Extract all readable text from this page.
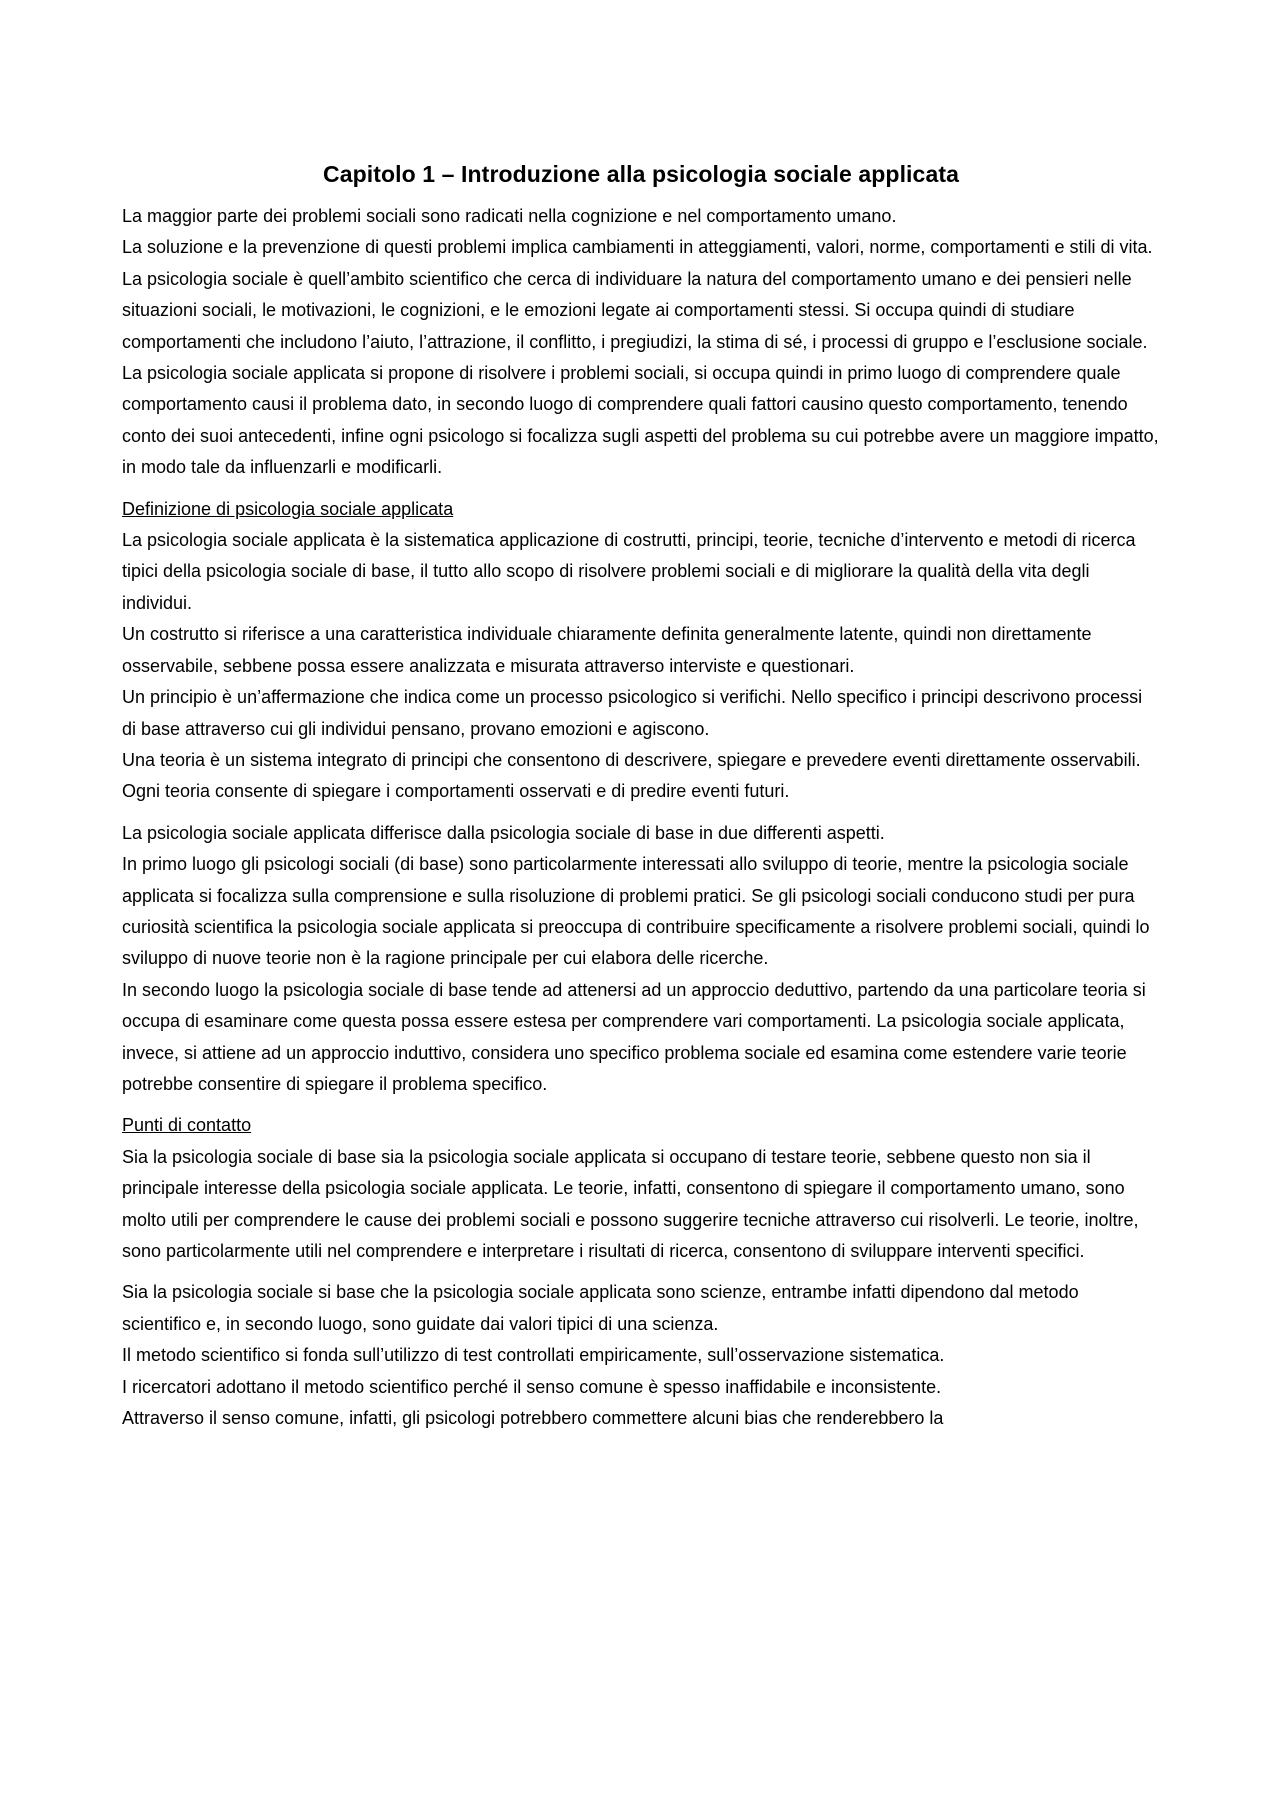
Capitolo 1 – Introduzione alla psicologia sociale applicata

La maggior parte dei problemi sociali sono radicati nella cognizione e nel comportamento umano.

La soluzione e la prevenzione di questi problemi implica cambiamenti in atteggiamenti, valori, norme, comportamenti e stili di vita.

La psicologia sociale è quell’ambito scientifico che cerca di individuare la natura del comportamento umano e dei pensieri nelle situazioni sociali, le motivazioni, le cognizioni, e le emozioni legate ai comportamenti stessi. Si occupa quindi di studiare comportamenti che includono l’aiuto, l’attrazione, il conflitto, i pregiudizi, la stima di sé, i processi di gruppo e l’esclusione sociale.

La psicologia sociale applicata si propone di risolvere i problemi sociali, si occupa quindi in primo luogo di comprendere quale comportamento causi il problema dato, in secondo luogo di comprendere quali fattori causino questo comportamento, tenendo conto dei suoi antecedenti, infine ogni psicologo si focalizza sugli aspetti del problema su cui potrebbe avere un maggiore impatto, in modo tale da influenzarli e modificarli.

Definizione di psicologia sociale applicata

La psicologia sociale applicata è la sistematica applicazione di costrutti, principi, teorie, tecniche d’intervento e metodi di ricerca tipici della psicologia sociale di base, il tutto allo scopo di risolvere problemi sociali e di migliorare la qualità della vita degli individui.

Un costrutto si riferisce a una caratteristica individuale chiaramente definita generalmente latente, quindi non direttamente osservabile, sebbene possa essere analizzata e misurata attraverso interviste e questionari.

Un principio è un’affermazione che indica come un processo psicologico si verifichi. Nello specifico i principi descrivono processi di base attraverso cui gli individui pensano, provano emozioni e agiscono.

Una teoria è un sistema integrato di principi che consentono di descrivere, spiegare e prevedere eventi direttamente osservabili. Ogni teoria consente di spiegare i comportamenti osservati e di predire eventi futuri.

La psicologia sociale applicata differisce dalla psicologia sociale di base in due differenti aspetti.

In primo luogo gli psicologi sociali (di base) sono particolarmente interessati allo sviluppo di teorie, mentre la psicologia sociale applicata si focalizza sulla comprensione e sulla risoluzione di problemi pratici. Se gli psicologi sociali conducono studi per pura curiosità scientifica la psicologia sociale applicata si preoccupa di contribuire specificamente a risolvere problemi sociali, quindi lo sviluppo di nuove teorie non è la ragione principale per cui elabora delle ricerche.

In secondo luogo la psicologia sociale di base tende ad attenersi ad un approccio deduttivo, partendo da una particolare teoria si occupa di esaminare come questa possa essere estesa per comprendere vari comportamenti. La psicologia sociale applicata, invece, si attiene ad un approccio induttivo, considera uno specifico problema sociale ed esamina come estendere varie teorie potrebbe consentire di spiegare il problema specifico.

Punti di contatto

Sia la psicologia sociale di base sia la psicologia sociale applicata si occupano di testare teorie, sebbene questo non sia il principale interesse della psicologia sociale applicata. Le teorie, infatti, consentono di spiegare il comportamento umano, sono molto utili per comprendere le cause dei problemi sociali e possono suggerire tecniche attraverso cui risolverli. Le teorie, inoltre, sono particolarmente utili nel comprendere e interpretare i risultati di ricerca, consentono di sviluppare interventi specifici.

Sia la psicologia sociale si base che la psicologia sociale applicata sono scienze, entrambe infatti dipendono dal metodo scientifico e, in secondo luogo, sono guidate dai valori tipici di una scienza.

Il metodo scientifico si fonda sull’utilizzo di test controllati empiricamente, sull’osservazione sistematica.

I ricercatori adottano il metodo scientifico perché il senso comune è spesso inaffidabile e inconsistente.

Attraverso il senso comune, infatti, gli psicologi potrebbero commettere alcuni bias che renderebbero la
